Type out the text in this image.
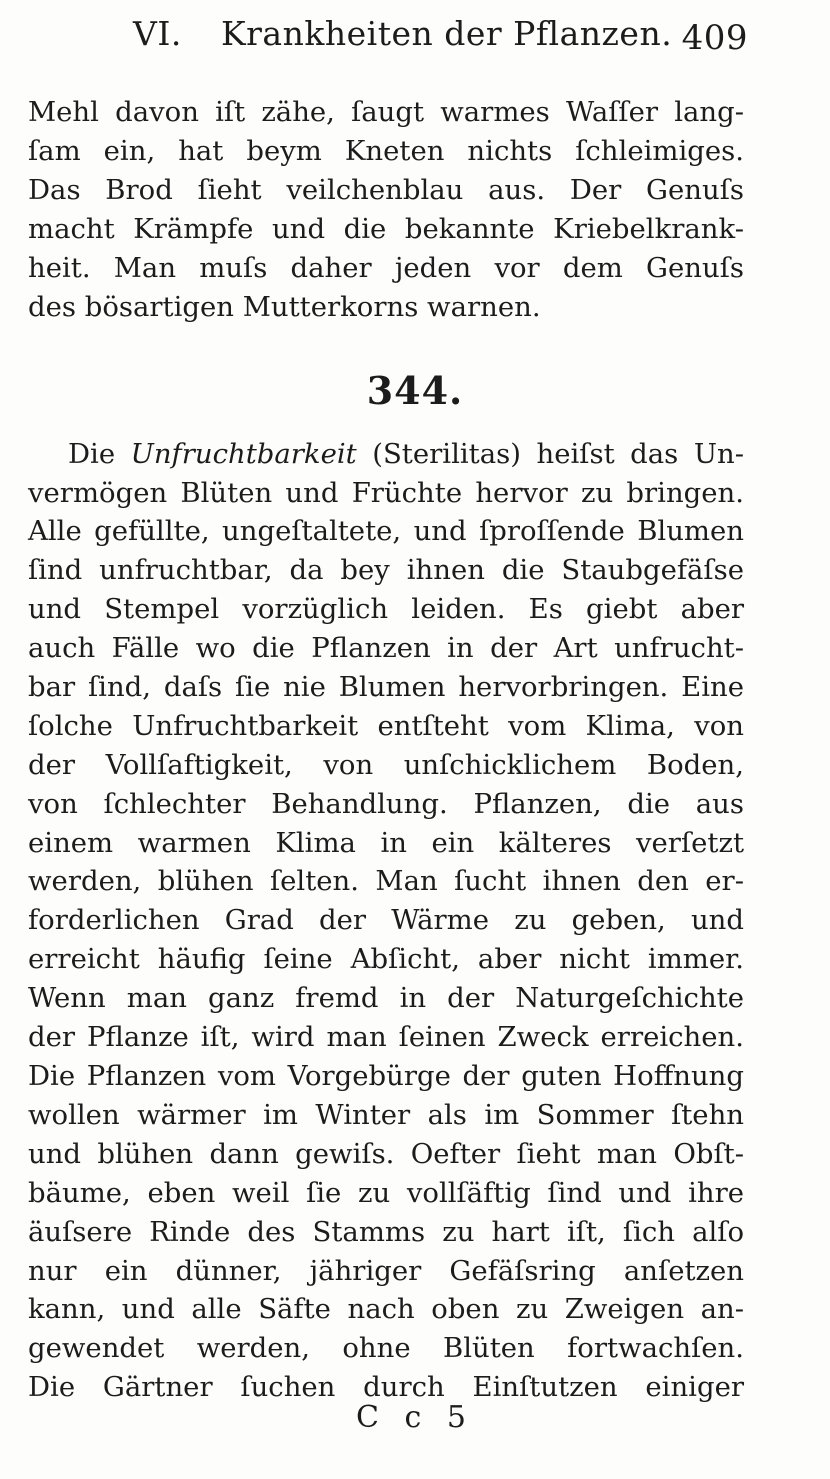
VI. Krankheiten der Pflanzen. 409
Mehl davon iſt zähe, ſaugt warmes Waſſer lang-
ſam ein, hat beym Kneten nichts ſchleimiges.
Das Brod ſieht veilchenblau aus. Der Genuſs
macht Krämpfe und die bekannte Kriebelkrank-
heit. Man muſs daher jeden vor dem Genuſs
des bösartigen Mutterkorns warnen.
344.
Die Unfruchtbarkeit (Sterilitas) heiſst das Un-
vermögen Blüten und Früchte hervor zu bringen.
Alle gefüllte, ungeſtaltete, und ſproſſende Blumen
ſind unfruchtbar, da bey ihnen die Staubgefäſse
und Stempel vorzüglich leiden. Es giebt aber
auch Fälle wo die Pflanzen in der Art unfrucht-
bar ſind, daſs ſie nie Blumen hervorbringen. Eine
ſolche Unfruchtbarkeit entſteht vom Klima, von
der Vollſaftigkeit, von unſchicklichem Boden,
von ſchlechter Behandlung. Pflanzen, die aus
einem warmen Klima in ein kälteres verſetzt
werden, blühen ſelten. Man ſucht ihnen den er-
forderlichen Grad der Wärme zu geben, und
erreicht häufig ſeine Abſicht, aber nicht immer.
Wenn man ganz fremd in der Naturgeſchichte
der Pflanze iſt, wird man ſeinen Zweck erreichen.
Die Pflanzen vom Vorgebürge der guten Hoffnung
wollen wärmer im Winter als im Sommer ſtehn
und blühen dann gewiſs. Oefter ſieht man Obſt-
bäume, eben weil ſie zu vollſäftig ſind und ihre
äuſsere Rinde des Stamms zu hart iſt, ſich alſo
nur ein dünner, jähriger Gefäſsring anſetzen
kann, und alle Säfte nach oben zu Zweigen an-
gewendet werden, ohne Blüten fortwachſen.
Die Gärtner ſuchen durch Einſtutzen einiger
C c 5
